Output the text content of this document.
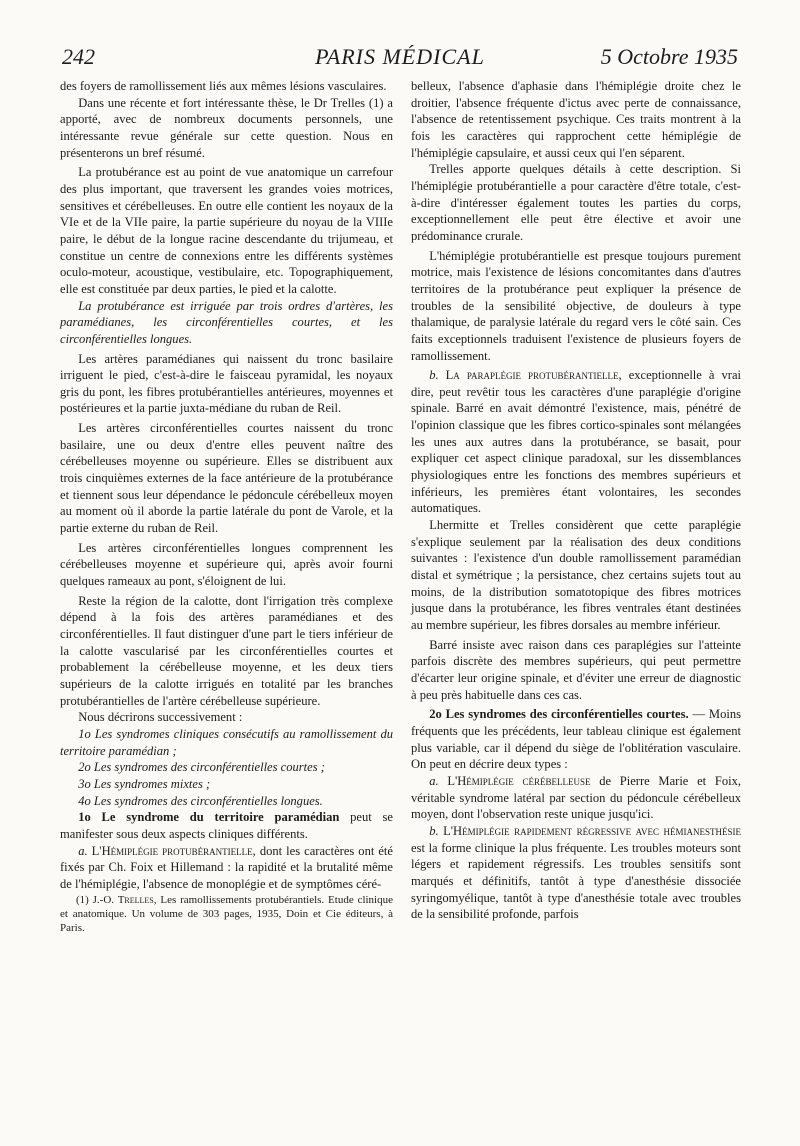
242	PARIS MÉDICAL	5 Octobre 1935

des foyers de ramollissement liés aux mêmes lésions vasculaires.

Dans une récente et fort intéressante thèse, le Dr Trelles (1) a apporté, avec de nombreux documents personnels, une intéressante revue générale sur cette question. Nous en présenterons un bref résumé.

La protubérance est au point de vue anatomique un carrefour des plus important, que traversent les grandes voies motrices, sensitives et cérébelleuses. En outre elle contient les noyaux de la VIe et de la VIIe paire, la partie supérieure du noyau de la VIIIe paire, le début de la longue racine descendante du trijumeau, et constitue un centre de connexions entre les différents systèmes oculo-moteur, acoustique, vestibulaire, etc. Topographiquement, elle est constituée par deux parties, le pied et la calotte.

La protubérance est irriguée par trois ordres d'artères, les paramédianes, les circonférentielles courtes, et les circonférentielles longues.

Les artères paramédianes qui naissent du tronc basilaire irriguent le pied, c'est-à-dire le faisceau pyramidal, les noyaux gris du pont, les fibres protubérantielles antérieures, moyennes et postérieures et la partie juxta-médiane du ruban de Reil.

Les artères circonférentielles courtes naissent du tronc basilaire, une ou deux d'entre elles peuvent naître des cérébelleuses moyenne ou supérieure. Elles se distribuent aux trois cinquièmes externes de la face antérieure de la protubérance et tiennent sous leur dépendance le pédoncule cérébelleux moyen au moment où il aborde la partie latérale du pont de Varole, et la partie externe du ruban de Reil.

Les artères circonférentielles longues comprennent les cérébelleuses moyenne et supérieure qui, après avoir fourni quelques rameaux au pont, s'éloignent de lui.

Reste la région de la calotte, dont l'irrigation très complexe dépend à la fois des artères paramédianes et des circonférentielles. Il faut distinguer d'une part le tiers inférieur de la calotte vascularisé par les circonférentielles courtes et probablement la cérébelleuse moyenne, et les deux tiers supérieurs de la calotte irrigués en totalité par les branches protubérantielles de l'artère cérébelleuse supérieure.

Nous décrirons successivement :

1o Les syndromes cliniques consécutifs au ramollissement du territoire paramédian ;

2o Les syndromes des circonférentielles courtes ;

3o Les syndromes mixtes ;

4o Les syndromes des circonférentielles longues.

1o Le syndrome du territoire paramédian peut se manifester sous deux aspects cliniques différents.

a. L'Hémiplégie protubérantielle, dont les caractères ont été fixés par Ch. Foix et Hillemand : la rapidité et la brutalité même de l'hémiplégie, l'absence de monoplégie et de symptômes céré-

(1) J.-O. Trelles, Les ramollissements protubérantiels. Etude clinique et anatomique. Un volume de 303 pages, 1935, Doin et Cie éditeurs, à Paris.

belleux, l'absence d'aphasie dans l'hémiplégie droite chez le droitier, l'absence fréquente d'ictus avec perte de connaissance, l'absence de retentissement psychique. Ces traits montrent à la fois les caractères qui rapprochent cette hémiplégie de l'hémiplégie capsulaire, et aussi ceux qui l'en séparent.

Trelles apporte quelques détails à cette description. Si l'hémiplégie protubérantielle a pour caractère d'être totale, c'est-à-dire d'intéresser également toutes les parties du corps, exceptionnellement elle peut être élective et avoir une prédominance crurale.

L'hémiplégie protubérantielle est presque toujours purement motrice, mais l'existence de lésions concomitantes dans d'autres territoires de la protubérance peut expliquer la présence de troubles de la sensibilité objective, de douleurs à type thalamique, de paralysie latérale du regard vers le côté sain. Ces faits exceptionnels traduisent l'existence de plusieurs foyers de ramollissement.

b. La paraplégie protubérantielle, exceptionnelle à vrai dire, peut revêtir tous les caractères d'une paraplégie d'origine spinale. Barré en avait démontré l'existence, mais, pénétré de l'opinion classique que les fibres cortico-spinales sont mélangées les unes aux autres dans la protubérance, se basait, pour expliquer cet aspect clinique paradoxal, sur les dissemblances physiologiques entre les fonctions des membres supérieurs et inférieurs, les premières étant volontaires, les secondes automatiques.

Lhermitte et Trelles considèrent que cette paraplégie s'explique seulement par la réalisation des deux conditions suivantes : l'existence d'un double ramollissement paramédian distal et symétrique ; la persistance, chez certains sujets tout au moins, de la distribution somatotopique des fibres motrices jusque dans la protubérance, les fibres ventrales étant destinées au membre supérieur, les fibres dorsales au membre inférieur.

Barré insiste avec raison dans ces paraplégies sur l'atteinte parfois discrète des membres supérieurs, qui peut permettre d'écarter leur origine spinale, et d'éviter une erreur de diagnostic à peu près habituelle dans ces cas.

2o Les syndromes des circonférentielles courtes. — Moins fréquents que les précédents, leur tableau clinique est également plus variable, car il dépend du siège de l'oblitération vasculaire. On peut en décrire deux types :

a. L'Hémiplégie cérébelleuse de Pierre Marie et Foix, véritable syndrome latéral par section du pédoncule cérébelleux moyen, dont l'observation reste unique jusqu'ici.

b. L'Hémiplégie rapidement régressive avec hémianesthésie est la forme clinique la plus fréquente. Les troubles moteurs sont légers et rapidement régressifs. Les troubles sensitifs sont marqués et définitifs, tantôt à type d'anesthésie dissociée syringomyélique, tantôt à type d'anesthésie totale avec troubles de la sensibilité profonde, parfois
